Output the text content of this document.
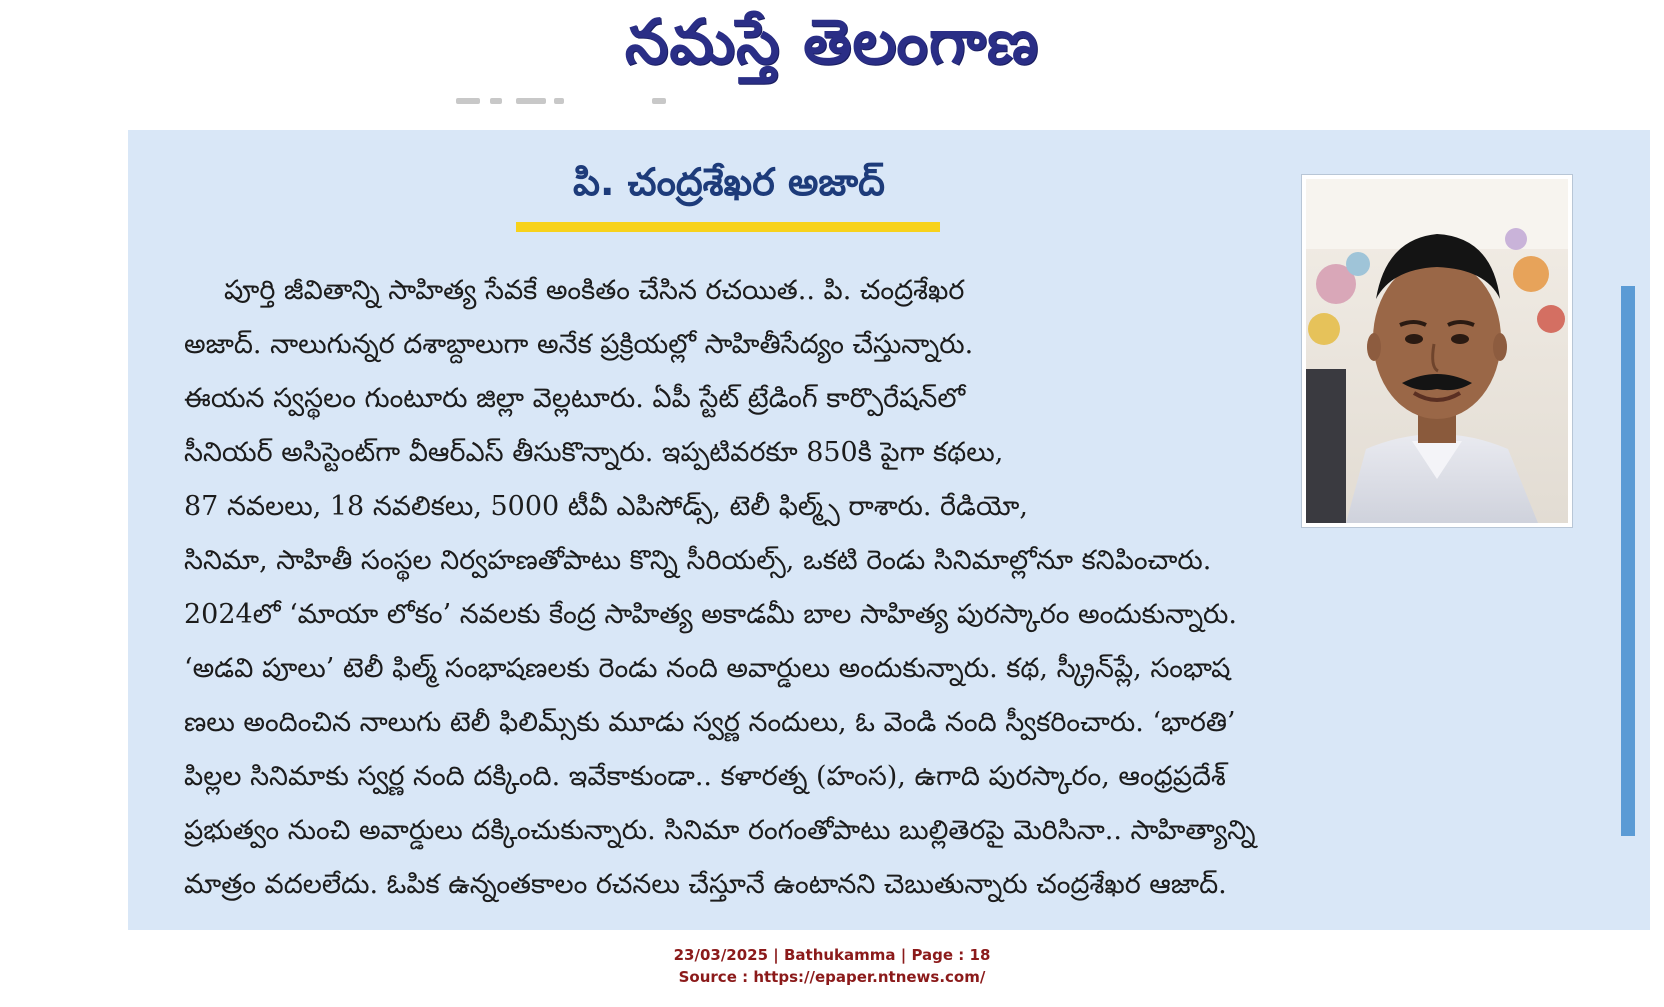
నమస్తే తెలంగాణ
పి. చంద్రశేఖర అజాద్
పూర్తి జీవితాన్ని సాహిత్య సేవకే అంకితం చేసిన రచయిత.. పి. చంద్రశేఖర
అజాద్. నాలుగున్నర దశాబ్దాలుగా అనేక ప్రక్రియల్లో సాహితీసేద్యం చేస్తున్నారు.
ఈయన స్వస్థలం గుంటూరు జిల్లా వెల్లటూరు. ఏపీ స్టేట్ ట్రేడింగ్ కార్పొరేషన్‌లో
సీనియర్ అసిస్టెంట్‌గా వీఆర్ఎస్ తీసుకొన్నారు. ఇప్పటివరకూ 850కి పైగా కథలు,
87 నవలలు, 18 నవలికలు, 5000 టీవీ ఎపిసోడ్స్, టెలీ ఫిల్మ్స్ రాశారు. రేడియో,
సినిమా, సాహితీ సంస్థల నిర్వహణతోపాటు కొన్ని సీరియల్స్, ఒకటి రెండు సినిమాల్లోనూ కనిపించారు.
2024లో ‘మాయా లోకం’ నవలకు కేంద్ర సాహిత్య అకాడమీ బాల సాహిత్య పురస్కారం అందుకున్నారు.
‘అడవి పూలు’ టెలీ ఫిల్మ్ సంభాషణలకు రెండు నంది అవార్డులు అందుకున్నారు. కథ, స్క్రీన్‌ప్లే, సంభాష
ణలు అందించిన నాలుగు టెలీ ఫిలిమ్స్‌కు మూడు స్వర్ణ నందులు, ఓ వెండి నంది స్వీకరించారు. ‘భారతి’
పిల్లల సినిమాకు స్వర్ణ నంది దక్కింది. ఇవేకాకుండా.. కళారత్న (హంస), ఉగాది పురస్కారం, ఆంధ్రప్రదేశ్
ప్రభుత్వం నుంచి అవార్డులు దక్కించుకున్నారు. సినిమా రంగంతోపాటు బుల్లితెరపై మెరిసినా.. సాహిత్యాన్ని
మాత్రం వదలలేదు. ఓపిక ఉన్నంతకాలం రచనలు చేస్తూనే ఉంటానని చెబుతున్నారు చంద్రశేఖర ఆజాద్.
23/03/2025 | Bathukamma | Page : 18
Source : https://epaper.ntnews.com/
